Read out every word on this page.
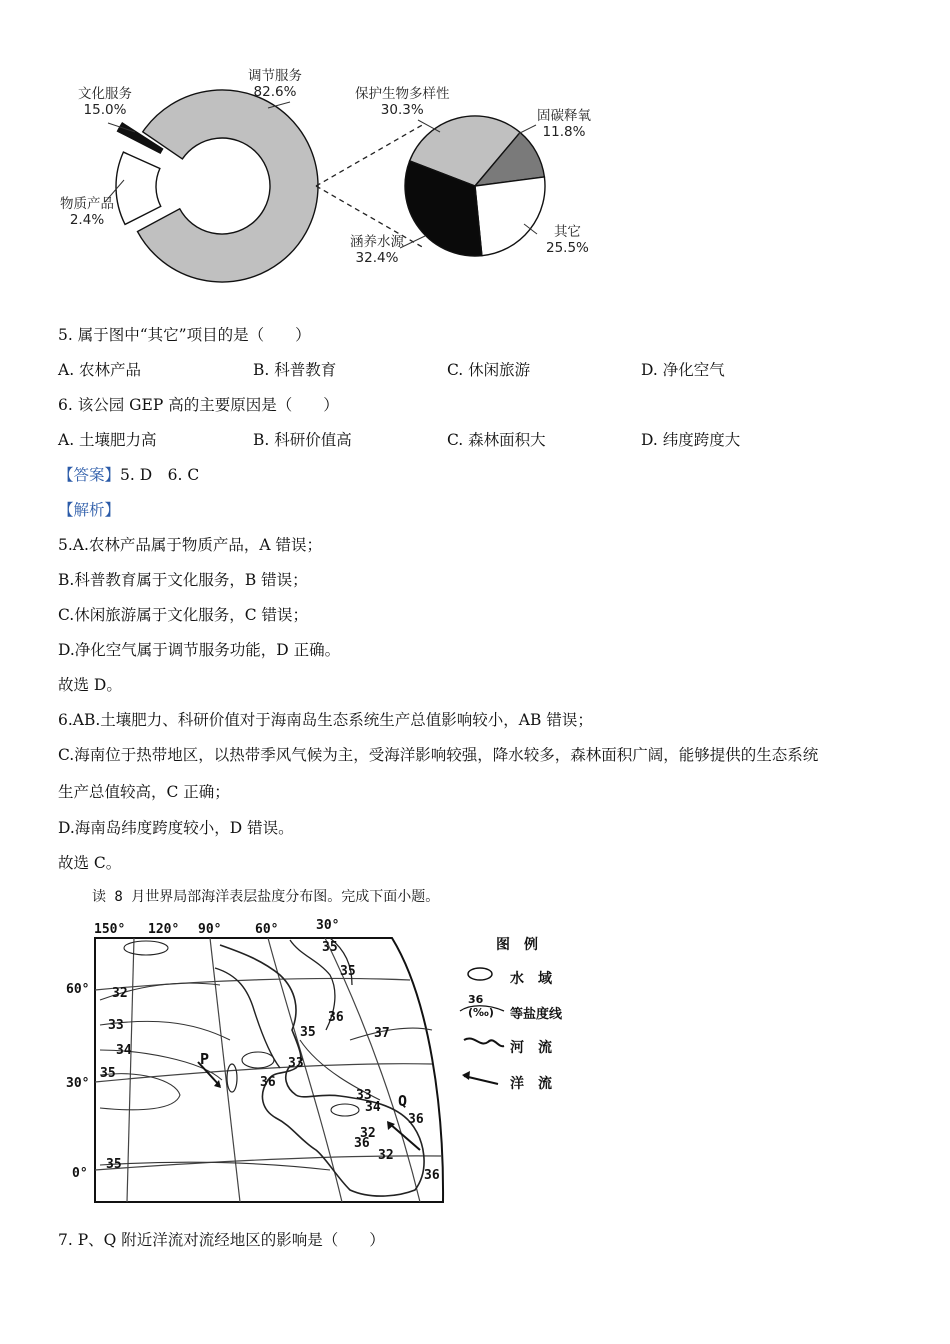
调节服务
82.6%
文化服务
15.0%
物质产品
2.4%
保护生物多样性
30.3%	固碳释氧
11.8%
其它
25.5%
涵养水源
32.4%
5. 属于图中“其它”项目的是（　　）
A. 农林产品	B. 科普教育	C. 休闲旅游	D. 净化空气
6. 该公园 GEP 高的主要原因是（　　）
A. 土壤肥力高	B. 科研价值高	C. 森林面积大	D. 纬度跨度大
【答案】5. D　6. C
【解析】
5.A.农林产品属于物质产品，A 错误；
B.科普教育属于文化服务，B 错误；
C.休闲旅游属于文化服务，C 错误；
D.净化空气属于调节服务功能，D 正确。
故选 D。
6.AB.土壤肥力、科研价值对于海南岛生态系统生产总值影响较小，AB 错误；
C.海南位于热带地区，以热带季风气候为主，受海洋影响较强，降水较多，森林面积广阔，能够提供的生态系统
生产总值较高，C 正确；
D.海南岛纬度跨度较小，D 错误。
故选 C。
读 8 月世界局部海洋表层盐度分布图。完成下面小题。
150° 120° 90°	60°	30°
60°
30°
0°
32
33
34
35
35
36
36
37
35
36
34
33
32
35
36
36
35
32
33
P
Q
图　例
36
(‰)
水　域
等盐度线
河　流
洋　流
7. P、Q 附近洋流对流经地区的影响是（　　）
